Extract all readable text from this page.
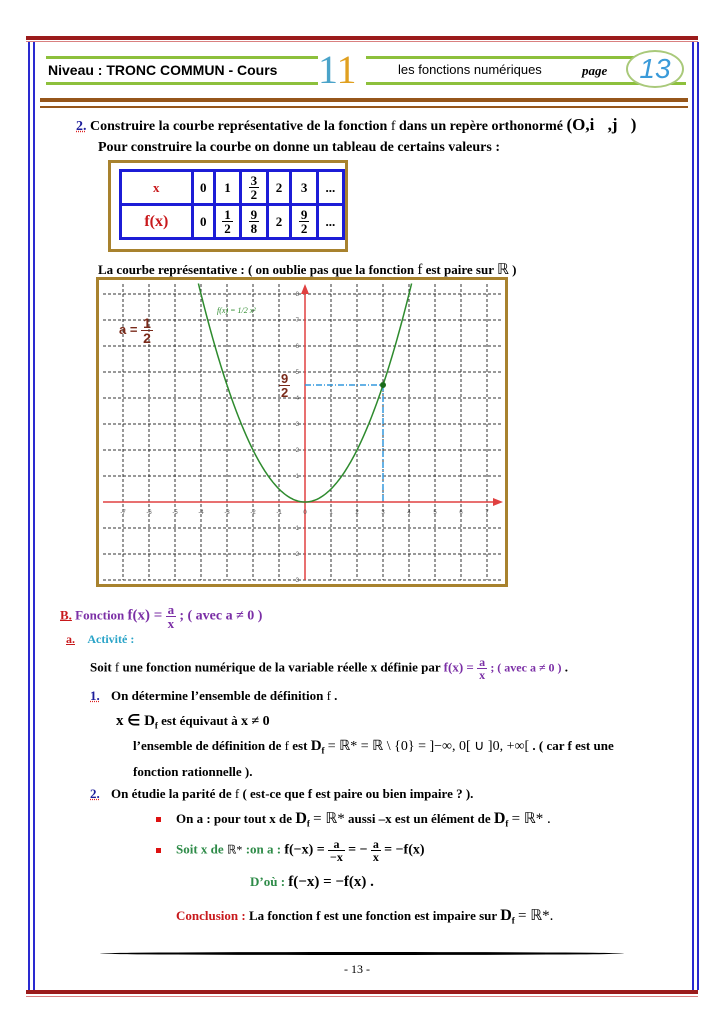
Niveau : TRONC COMMUN - Cours 11	les fonctions numériques	page	13
2. Construire la courbe représentative de la fonction f dans un repère orthonormé (O,i⃗,j⃗)
Pour construire la courbe on donne un tableau de certains valeurs :
x	0	1	$\frac{3}{2}$	2	3	...
f(x)	0	$\frac{1}{2}$	$\frac{9}{8}$	2	$\frac{9}{2}$	...
La courbe représentative : ( on oublie pas que la fonction f est paire sur ℝ )
-7	-6	-5	-4	-3	-2	-1	0	1	2	3	4	5	6	7
-3
-2
-1
1
2
3
4
5
6
7
8
$a = \frac{1}{2}$
$\frac{9}{2}$
f(x) = 1/2 x²
B. Fonction $f(x) = \frac{a}{x}$ ; ( avec a ≠ 0 )
a. Activité :
Soit f une fonction numérique de la variable réelle x définie par $f(x) = \frac{a}{x}$ ; ( avec a ≠ 0 ) .
1. On détermine l’ensemble de définition f .
x ∈ $D_f$ est équivaut à x ≠ 0
l’ensemble de définition de f est $D_f$ = ℝ* = ℝ \ {0} = ]−∞, 0[ ∪ ]0, +∞[ . ( car f est une
fonction rationnelle ).
2. On étudie la parité de f ( est-ce que f est paire ou bien impaire ? ).
On a : pour tout x de $D_f$ = ℝ* aussi –x est un élément de $D_f$ = ℝ* .
Soit x de ℝ* :on a : $f(-x) = \frac{a}{-x}$ = − $\frac{a}{x} = -f(x)$
D’où : f(−x) = −f(x) .
Conclusion : La fonction f est une fonction est impaire sur $D_f$ = ℝ*.
- 13 -
